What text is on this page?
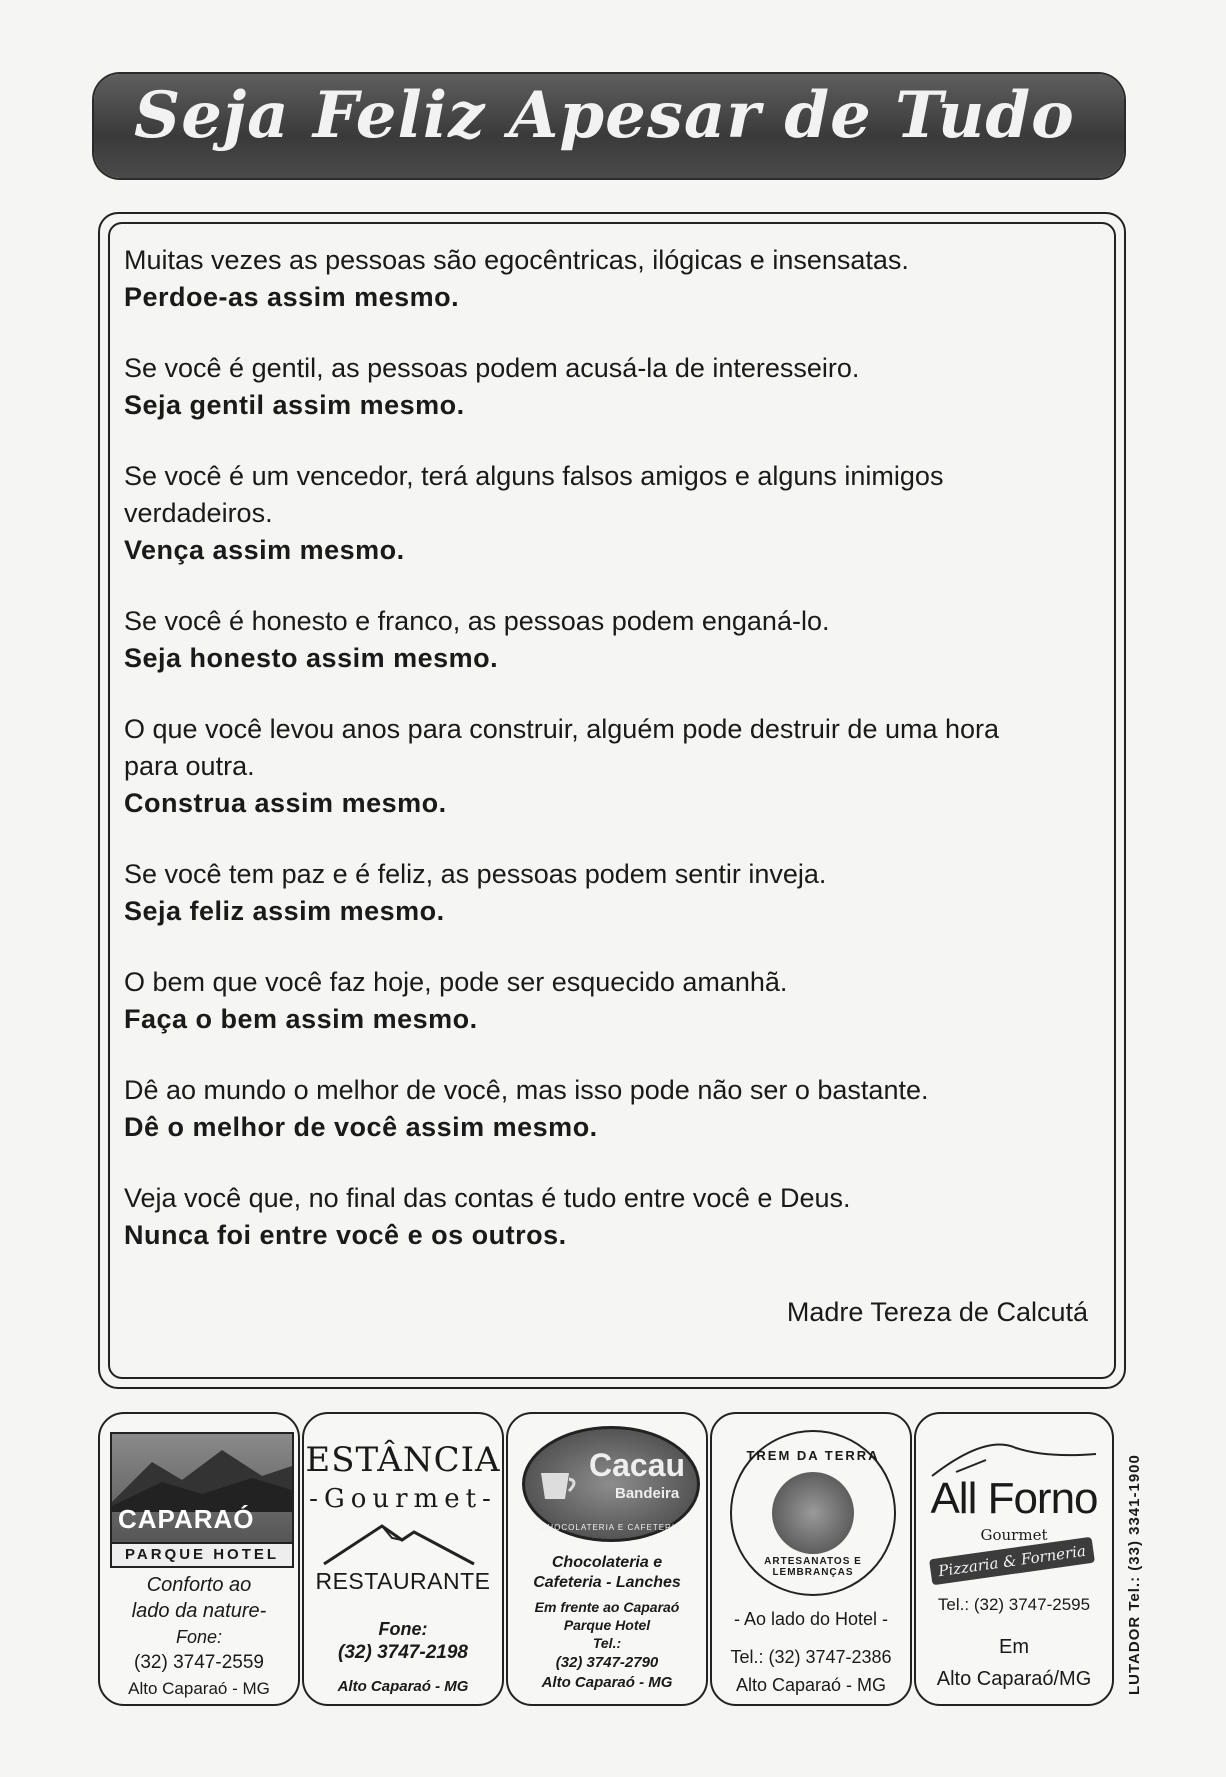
Seja Feliz Apesar de Tudo

Muitas vezes as pessoas são egocêntricas, ilógicas e insensatas.

Perdoe-as assim mesmo.

Se você é gentil, as pessoas podem acusá-la de interesseiro.

Seja gentil assim mesmo.

Se você é um vencedor, terá alguns falsos amigos e alguns inimigos

verdadeiros.

Vença assim mesmo.

Se você é honesto e franco, as pessoas podem enganá-lo.

Seja honesto assim mesmo.

O que você levou anos para construir, alguém pode destruir de uma hora

para outra.

Construa assim mesmo.

Se você tem paz e é feliz, as pessoas podem sentir inveja.

Seja feliz assim mesmo.

O bem que você faz hoje, pode ser esquecido amanhã.

Faça o bem assim mesmo.

Dê ao mundo o melhor de você, mas isso pode não ser o bastante.

Dê o melhor de você assim mesmo.

Veja você que, no final das contas é tudo entre você e Deus.

Nunca foi entre você e os outros.

Madre Tereza de Calcutá
LUTADOR Tel.: (33) 3341-1900
CAPARAÓ
PARQUE HOTEL
Conforto ao
lado da nature-
Fone:
(32) 3747-2559
Alto Caparaó - MG
ESTÂNCIA
-Gourmet-
RESTAURANTE
Fone:
(32) 3747-2198
Alto Caparaó - MG
Cacau
Bandeira
CHOCOLATERIA E CAFETERIA
Chocolateria e
Cafeteria - Lanches
Em frente ao Caparaó
Parque Hotel
Tel.:
(32) 3747-2790
Alto Caparaó - MG
TREM DA TERRA
ARTESANATOS E LEMBRANÇAS
- Ao lado do Hotel -
Tel.: (32) 3747-2386
Alto Caparaó - MG
All Forno
Gourmet
Pizzaria & Forneria
Tel.: (32) 3747-2595
Em
Alto Caparaó/MG
